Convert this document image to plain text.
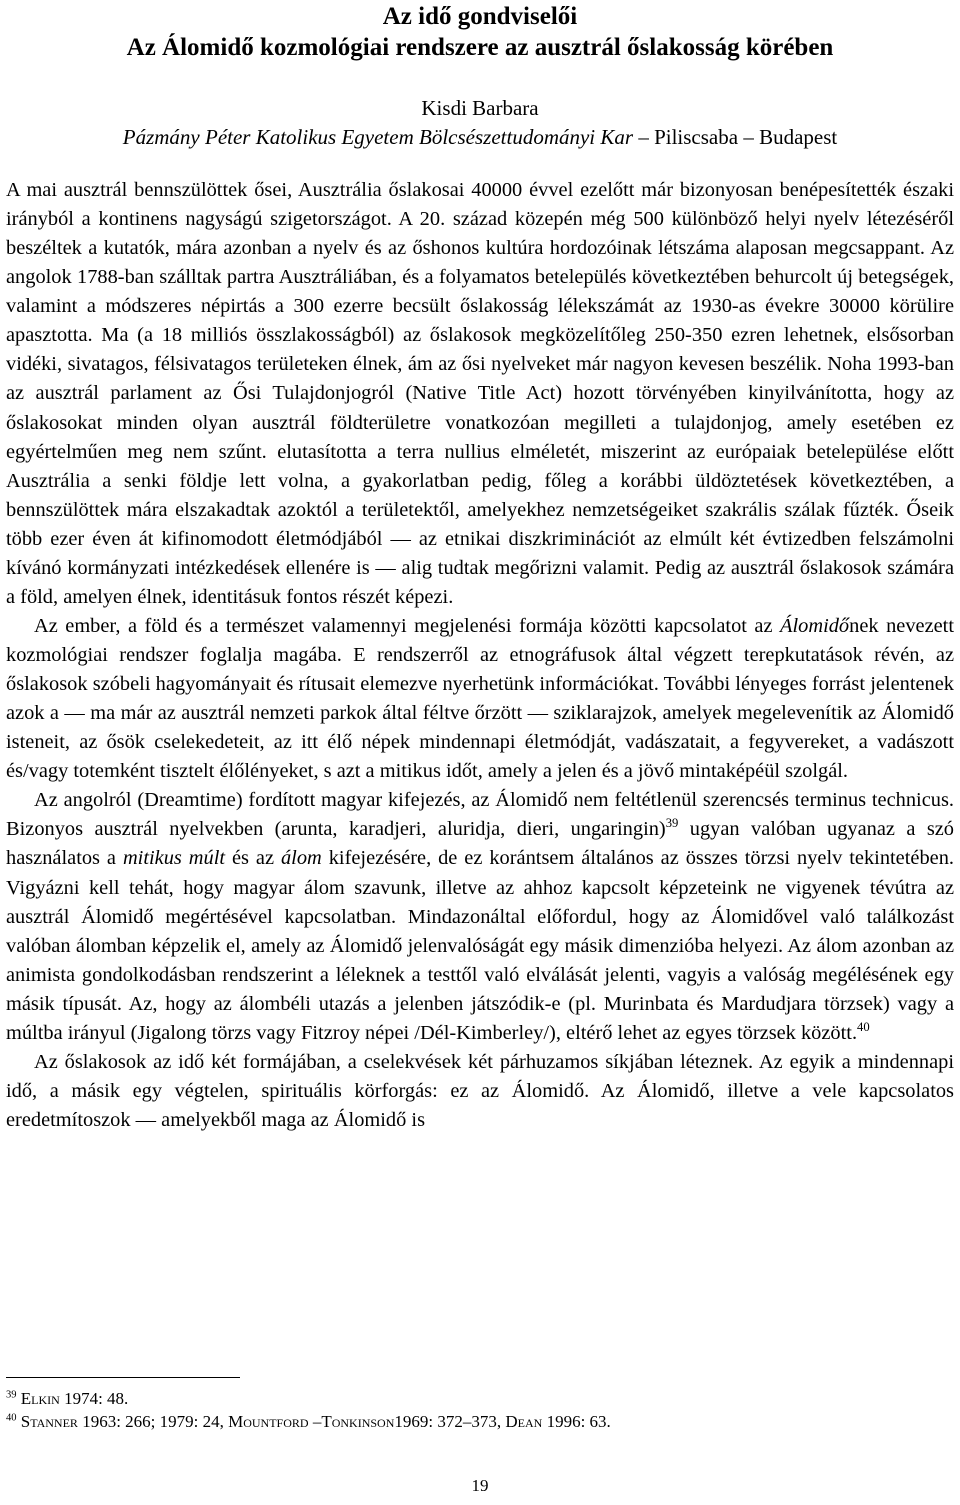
Az idő gondviselői
Az Álomidő kozmológiai rendszere az ausztrál őslakosság körében
Kisdi Barbara
Pázmány Péter Katolikus Egyetem Bölcsészettudományi Kar – Piliscsaba – Budapest

A mai ausztrál bennszülöttek ősei, Ausztrália őslakosai 40000 évvel ezelőtt már bizonyosan benépesítették északi irányból a kontinens nagyságú szigetországot. A 20. század közepén még 500 különböző helyi nyelv létezéséről beszéltek a kutatók, mára azonban a nyelv és az őshonos kultúra hordozóinak létszáma alaposan megcsappant. Az angolok 1788-ban szálltak partra Ausztráliában, és a folyamatos betelepülés következtében behurcolt új betegségek, valamint a módszeres népirtás a 300 ezerre becsült őslakosság lélekszámát az 1930-as évekre 30000 körülire apasztotta. Ma (a 18 milliós összlakosságból) az őslakosok megközelítőleg 250-350 ezren lehetnek, elsősorban vidéki, sivatagos, félsivatagos területeken élnek, ám az ősi nyelveket már nagyon kevesen beszélik. Noha 1993-ban az ausztrál parlament az Ősi Tulajdonjogról (Native Title Act) hozott törvényében kinyilvánította, hogy az őslakosokat minden olyan ausztrál földterületre vonatkozóan megilleti a tulajdonjog, amely esetében ez egyértelműen meg nem szűnt. elutasította a terra nullius elméletét, miszerint az európaiak betelepülése előtt Ausztrália a senki földje lett volna, a gyakorlatban pedig, főleg a korábbi üldöztetések következtében, a bennszülöttek mára elszakadtak azoktól a területektől, amelyekhez nemzetségeiket szakrális szálak fűzték. Őseik több ezer éven át kifinomodott életmódjából — az etnikai diszkriminációt az elmúlt két évtizedben felszámolni kívánó kormányzati intézkedések ellenére is — alig tudtak megőrizni valamit. Pedig az ausztrál őslakosok számára a föld, amelyen élnek, identitásuk fontos részét képezi.

Az ember, a föld és a természet valamennyi megjelenési formája közötti kapcsolatot az Álomidőnek nevezett kozmológiai rendszer foglalja magába. E rendszerről az etnográfusok által végzett terepkutatások révén, az őslakosok szóbeli hagyományait és rítusait elemezve nyerhetünk információkat. További lényeges forrást jelentenek azok a — ma már az ausztrál nemzeti parkok által féltve őrzött — sziklarajzok, amelyek megelevenítik az Álomidő isteneit, az ősök cselekedeteit, az itt élő népek mindennapi életmódját, vadászatait, a fegyvereket, a vadászott és/vagy totemként tisztelt élőlényeket, s azt a mitikus időt, amely a jelen és a jövő mintaképéül szolgál.

Az angolról (Dreamtime) fordított magyar kifejezés, az Álomidő nem feltétlenül szerencsés terminus technicus. Bizonyos ausztrál nyelvekben (arunta, karadjeri, aluridja, dieri, ungaringin)$^{39}$ ugyan valóban ugyanaz a szó használatos a mitikus múlt és az álom kifejezésére, de ez korántsem általános az összes törzsi nyelv tekintetében. Vigyázni kell tehát, hogy magyar álom szavunk, illetve az ahhoz kapcsolt képzeteink ne vigyenek tévútra az ausztrál Álomidő megértésével kapcsolatban. Mindazonáltal előfordul, hogy az Álomidővel való találkozást valóban álomban képzelik el, amely az Álomidő jelenvalóságát egy másik dimenzióba helyezi. Az álom azonban az animista gondolkodásban rendszerint a léleknek a testtől való elválását jelenti, vagyis a valóság megélésének egy másik típusát. Az, hogy az álombéli utazás a jelenben játszódik-e (pl. Murinbata és Mardudjara törzsek) vagy a múltba irányul (Jigalong törzs vagy Fitzroy népei /Dél-Kimberley/), eltérő lehet az egyes törzsek között.$^{40}$

Az őslakosok az idő két formájában, a cselekvések két párhuzamos síkjában léteznek. Az egyik a mindennapi idő, a másik egy végtelen, spirituális körforgás: ez az Álomidő. Az Álomidő, illetve a vele kapcsolatos eredetmítoszok — amelyekből maga az Álomidő is

$^{39}$ Elkin 1974: 48.
$^{40}$ Stanner 1963: 266; 1979: 24, Mountford –Tonkinson1969: 372–373, Dean 1996: 63.
19
